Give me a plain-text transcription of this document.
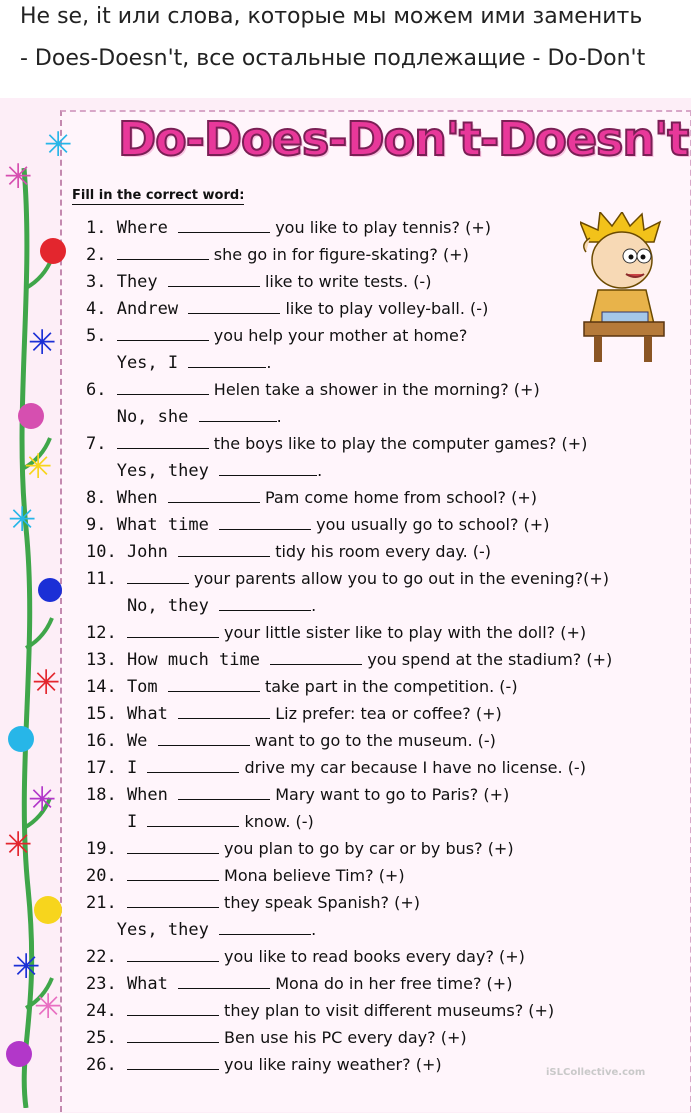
Не se, it или слова, которые мы можем ими заменить
- Does-Doesn't, все остальные подлежащие - Do-Don't
✳
✳
✳
✳
✳
✳
✳
✳
✳
✳
Do-Does-Don't-Doesn't
Fill in the correct word:
1. Where	you like to play tennis? (+)
2.	she go in for figure-skating? (+)
3. They	like to write tests. (-)
4. Andrew	like to play volley-ball. (-)
5.	you help your mother at home?
Yes, I	.
6.	Helen take a shower in the morning? (+)
No, she	.
7.	the boys like to play the computer games? (+)
Yes, they	.
8. When	Pam come home from school? (+)
9. What time	you usually go to school? (+)
10. John	tidy his room every day. (-)
11.	your parents allow you to go out in the evening?(+)
No, they	.
12.	your little sister like to play with the doll? (+)
13. How much time	you spend at the stadium? (+)
14. Tom	take part in the competition. (-)
15. What	Liz prefer: tea or coffee? (+)
16. We	want to go to the museum. (-)
17. I	drive my car because I have no license. (-)
18. When	Mary want to go to Paris? (+)
I	know. (-)
19.	you plan to go by car or by bus? (+)
20.	Mona believe Tim? (+)
21.	they speak Spanish? (+)
Yes, they	.
22.	you like to read books every day? (+)
23. What	Mona do in her free time? (+)
24.	they plan to visit different museums? (+)
25.	Ben use his PC every day? (+)
26.	you like rainy weather? (+)	iSLCollective.com
